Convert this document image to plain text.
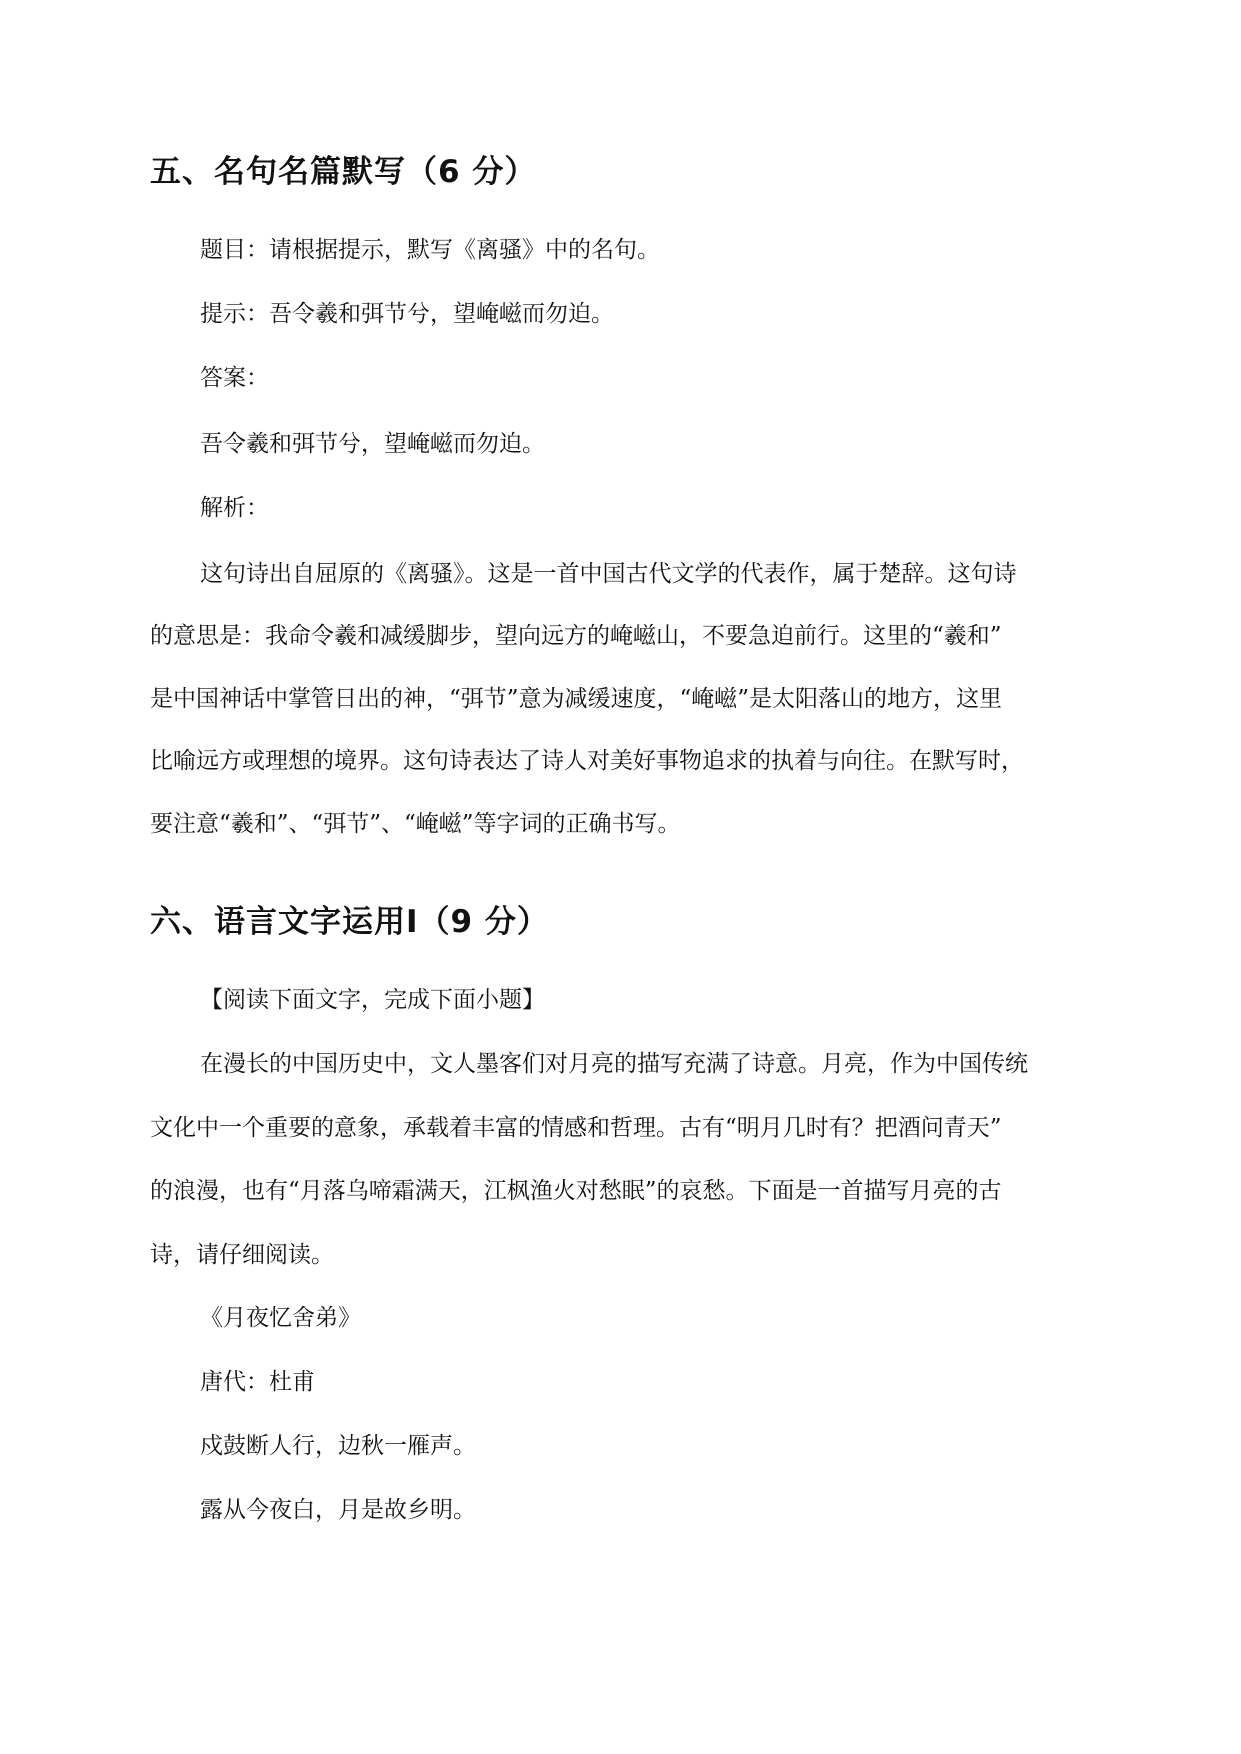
五、名句名篇默写（6 分）
题目：请根据提示，默写《离骚》中的名句。
提示：吾令羲和弭节兮，望崦嵫而勿迫。
答案：
吾令羲和弭节兮，望崦嵫而勿迫。
解析：
这句诗出自屈原的《离骚》。这是一首中国古代文学的代表作，属于楚辞。这句诗
的意思是：我命令羲和减缓脚步，望向远方的崦嵫山，不要急迫前行。这里的“羲和”
是中国神话中掌管日出的神，“弭节”意为减缓速度，“崦嵫”是太阳落山的地方，这里
比喻远方或理想的境界。这句诗表达了诗人对美好事物追求的执着与向往。在默写时，
要注意“羲和”、“弭节”、“崦嵫”等字词的正确书写。
六、语言文字运用Ⅰ（9 分）
【阅读下面文字，完成下面小题】
在漫长的中国历史中，文人墨客们对月亮的描写充满了诗意。月亮，作为中国传统
文化中一个重要的意象，承载着丰富的情感和哲理。古有“明月几时有？把酒问青天”
的浪漫，也有“月落乌啼霜满天，江枫渔火对愁眠”的哀愁。下面是一首描写月亮的古
诗，请仔细阅读。
《月夜忆舍弟》
唐代：杜甫
戍鼓断人行，边秋一雁声。
露从今夜白，月是故乡明。
